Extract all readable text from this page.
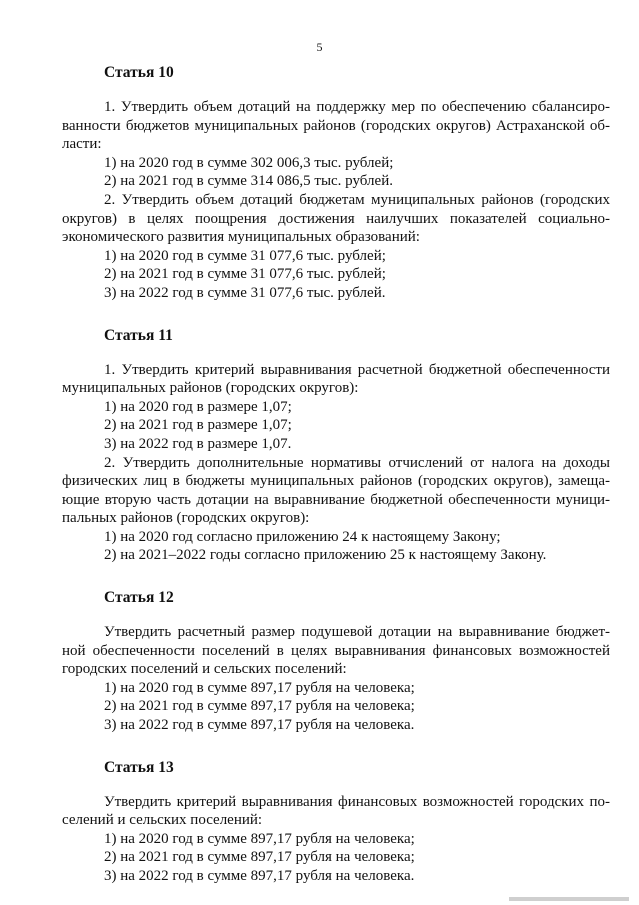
5
Статья 10
1. Утвердить объем дотаций на поддержку мер по обеспечению сбалансиро-
ванности бюджетов муниципальных районов (городских округов) Астраханской об-
ласти:
1) на 2020 год в сумме 302 006,3 тыс. рублей;
2) на 2021 год в сумме 314 086,5 тыс. рублей.
2. Утвердить объем дотаций бюджетам муниципальных районов (городских
округов) в целях поощрения достижения наилучших показателей социально-
экономического развития муниципальных образований:
1) на 2020 год в сумме 31 077,6 тыс. рублей;
2) на 2021 год в сумме 31 077,6 тыс. рублей;
3) на 2022 год в сумме 31 077,6 тыс. рублей.
Статья 11
1. Утвердить критерий выравнивания расчетной бюджетной обеспеченности
муниципальных районов (городских округов):
1) на 2020 год в размере 1,07;
2) на 2021 год в размере 1,07;
3) на 2022 год в размере 1,07.
2. Утвердить дополнительные нормативы отчислений от налога на доходы
физических лиц в бюджеты муниципальных районов (городских округов), замеща-
ющие вторую часть дотации на выравнивание бюджетной обеспеченности муници-
пальных районов (городских округов):
1) на 2020 год согласно приложению 24 к настоящему Закону;
2) на 2021–2022 годы согласно приложению 25 к настоящему Закону.
Статья 12
Утвердить расчетный размер подушевой дотации на выравнивание бюджет-
ной обеспеченности поселений в целях выравнивания финансовых возможностей
городских поселений и сельских поселений:
1) на 2020 год в сумме 897,17 рубля на человека;
2) на 2021 год в сумме 897,17 рубля на человека;
3) на 2022 год в сумме 897,17 рубля на человека.
Статья 13
Утвердить критерий выравнивания финансовых возможностей городских по-
селений и сельских поселений:
1) на 2020 год в сумме 897,17 рубля на человека;
2) на 2021 год в сумме 897,17 рубля на человека;
3) на 2022 год в сумме 897,17 рубля на человека.
